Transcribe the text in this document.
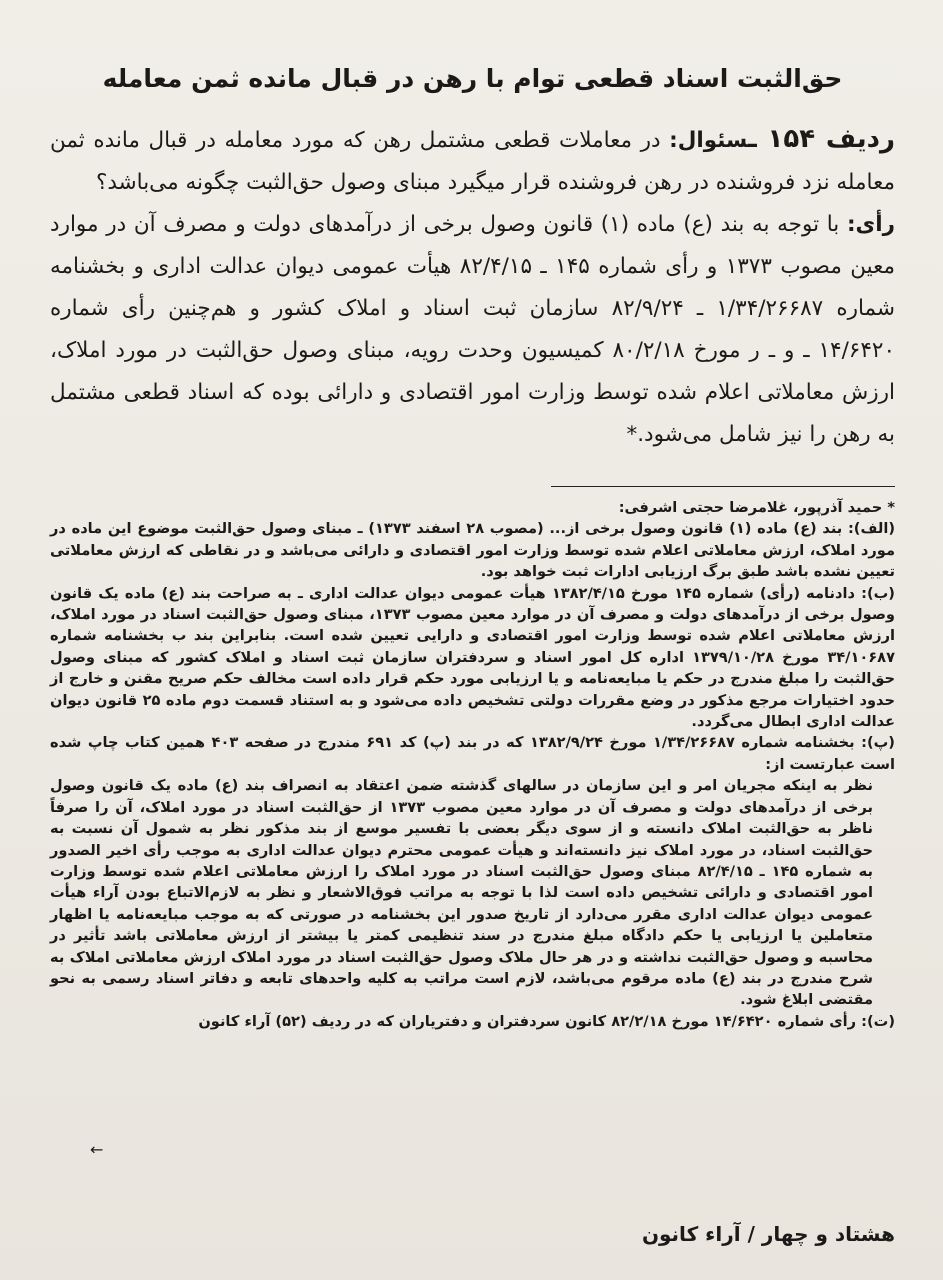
حق‌الثبت اسناد قطعی توام با رهن در قبال مانده ثمن معامله

ردیف ۱۵۴ ـسئوال: در معاملات قطعی مشتمل رهن که مورد معامله در قبال مانده ثمن معامله نزد فروشنده در رهن فروشنده قرار میگیرد مبنای وصول حق‌الثبت چگونه می‌باشد؟

رأی: با توجه به بند (ع) ماده (۱) قانون وصول برخی از درآمدهای دولت و مصرف آن در موارد معین مصوب ۱۳۷۳ و رأی شماره ۱۴۵ ـ ۸۲/۴/۱۵ هیأت عمومی دیوان عدالت اداری و بخشنامه شماره ۱/۳۴/۲۶۶۸۷ ـ ۸۲/۹/۲۴ سازمان ثبت اسناد و املاک کشور و هم‌چنین رأی شماره ۱۴/۶۴۲۰ ـ و ـ ر مورخ ۸۰/۲/۱۸ کمیسیون وحدت رویه، مبنای وصول حق‌الثبت در مورد املاک، ارزش معاملاتی اعلام شده توسط وزارت امور اقتصادی و دارائی بوده که اسناد قطعی مشتمل به رهن را نیز شامل می‌شود.*

* حمید آذرپور، غلامرضا حجتی اشرفی:

(الف): بند (ع) ماده (۱) قانون وصول برخی از... (مصوب ۲۸ اسفند ۱۳۷۳) ـ مبنای وصول حق‌الثبت موضوع این ماده در مورد املاک، ارزش معاملاتی اعلام شده توسط وزارت امور اقتصادی و دارائی می‌باشد و در نقاطی که ارزش معاملاتی تعیین نشده باشد طبق برگ ارزیابی ادارات ثبت خواهد بود.

(ب): دادنامه (رأی) شماره ۱۴۵ مورخ ۱۳۸۲/۴/۱۵ هیأت عمومی دیوان عدالت اداری ـ به صراحت بند (ع) ماده یک قانون وصول برخی از درآمدهای دولت و مصرف آن در موارد معین مصوب ۱۳۷۳، مبنای وصول حق‌الثبت اسناد در مورد املاک، ارزش معاملاتی اعلام شده توسط وزارت امور اقتصادی و دارایی تعیین شده است. بنابراین بند ب بخشنامه شماره ۳۴/۱۰۶۸۷ مورخ ۱۳۷۹/۱۰/۲۸ اداره کل امور اسناد و سردفتران سازمان ثبت اسناد و املاک کشور که مبنای وصول حق‌الثبت را مبلغ مندرج در حکم یا مبایعه‌نامه و یا ارزیابی مورد حکم قرار داده است مخالف حکم صریح مقنن و خارج از حدود اختیارات مرجع مذکور در وضع مقررات دولتی تشخیص داده می‌شود و به استناد قسمت دوم ماده ۲۵ قانون دیوان عدالت اداری ابطال می‌گردد.

(پ): بخشنامه شماره ۱/۳۴/۲۶۶۸۷ مورخ ۱۳۸۲/۹/۲۴ که در بند (پ) کد ۶۹۱ مندرج در صفحه ۴۰۳ همین کتاب چاپ شده است عبارتست از:

نظر به اینکه مجریان امر و این سازمان در سالهای گذشته ضمن اعتقاد به انصراف بند (ع) ماده یک قانون وصول برخی از درآمدهای دولت و مصرف آن در موارد معین مصوب ۱۳۷۳ از حق‌الثبت اسناد در مورد املاک، آن را صرفاً ناظر به حق‌الثبت املاک دانسته و از سوی دیگر بعضی با تفسیر موسع از بند مذکور نظر به شمول آن نسبت به حق‌الثبت اسناد، در مورد املاک نیز دانسته‌اند و هیأت عمومی محترم دیوان عدالت اداری به موجب رأی اخیر الصدور به شماره ۱۴۵ ـ ۸۲/۴/۱۵ مبنای وصول حق‌الثبت اسناد در مورد املاک را ارزش معاملاتی اعلام شده توسط وزارت امور اقتصادی و دارائی تشخیص داده است لذا با توجه به مراتب فوق‌الاشعار و نظر به لازم‌الاتباع بودن آراء هیأت عمومی دیوان عدالت اداری مقرر می‌دارد از تاریخ صدور این بخشنامه در صورتی که به موجب مبایعه‌نامه یا اظهار متعاملین یا ارزیابی یا حکم دادگاه مبلغ مندرج در سند تنظیمی کمتر یا بیشتر از ارزش معاملاتی باشد تأثیر در محاسبه و وصول حق‌الثبت نداشته و در هر حال ملاک وصول حق‌الثبت اسناد در مورد املاک ارزش معاملاتی املاک به شرح مندرج در بند (ع) ماده مرقوم می‌باشد، لازم است مراتب به کلیه واحدهای تابعه و دفاتر اسناد رسمی به نحو مقتضی ابلاغ شود.

(ت): رأی شماره ۱۴/۶۴۲۰ مورخ ۸۲/۲/۱۸ کانون سردفتران و دفتریاران که در ردیف (۵۲) آراء کانون

←
هشتاد و چهار / آراء کانون
